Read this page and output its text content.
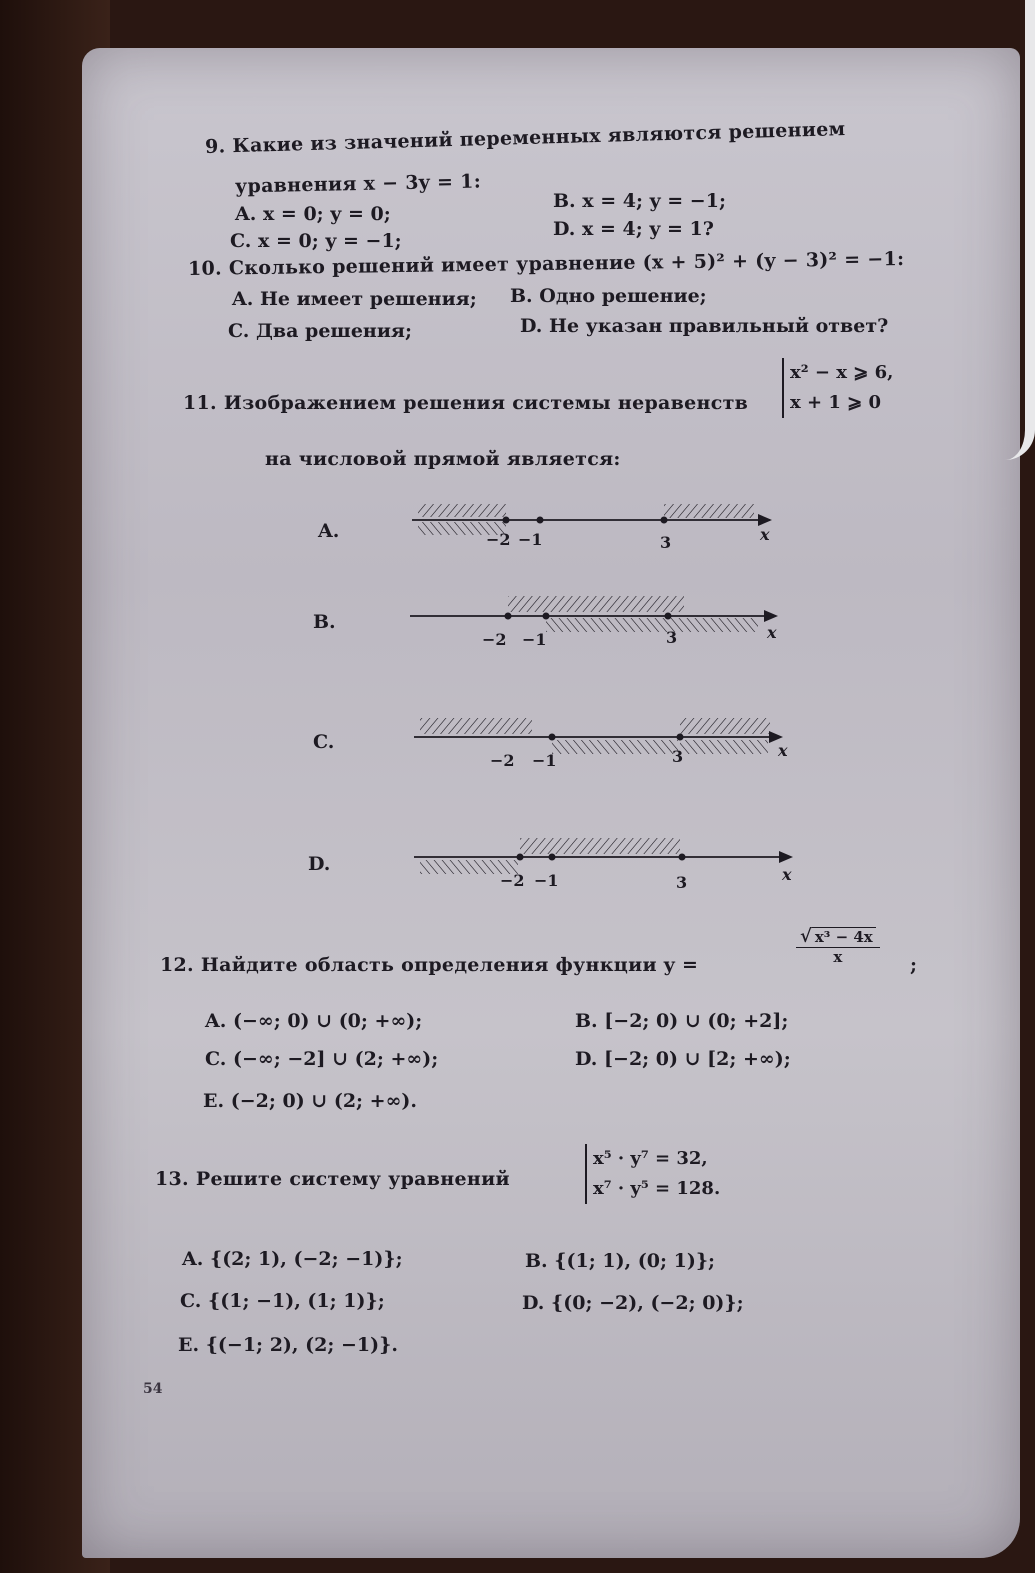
9. Какие из значений переменных являются решением
уравнения x − 3y = 1:
A. x = 0; y = 0;
B. x = 4; y = −1;
C. x = 0; y = −1;
D. x = 4; y = 1?
10. Сколько решений имеет уравнение (x + 5)² + (y − 3)² = −1:
A. Не имеет решения; B. Одно решение;
C. Два решения;	D. Не указан правильный ответ?
11. Изображением решения системы неравенств
x² − x ⩾ 6,
x + 1 ⩾ 0
на числовой прямой является:
A.	−2 −1	3	x
−2 −1	3	x
B.
−2 −1	3	x
C.
−2 −1	3	x
D.
12. Найдите область определения функции y =	$\frac{\text{√ x³ − 4x}}{x}$ ;
A. (−∞; 0) ∪ (0; +∞);	B. [−2; 0) ∪ (0; +2];
C. (−∞; −2] ∪ (2; +∞);	D. [−2; 0) ∪ [2; +∞);
E. (−2; 0) ∪ (2; +∞).
13. Решите систему уравнений
x⁵ · y⁷ = 32,
x⁷ · y⁵ = 128.
A. {(2; 1), (−2; −1)};	B. {(1; 1), (0; 1)};
C. {(1; −1), (1; 1)};	D. {(0; −2), (−2; 0)};
E. {(−1; 2), (2; −1)}.
54
